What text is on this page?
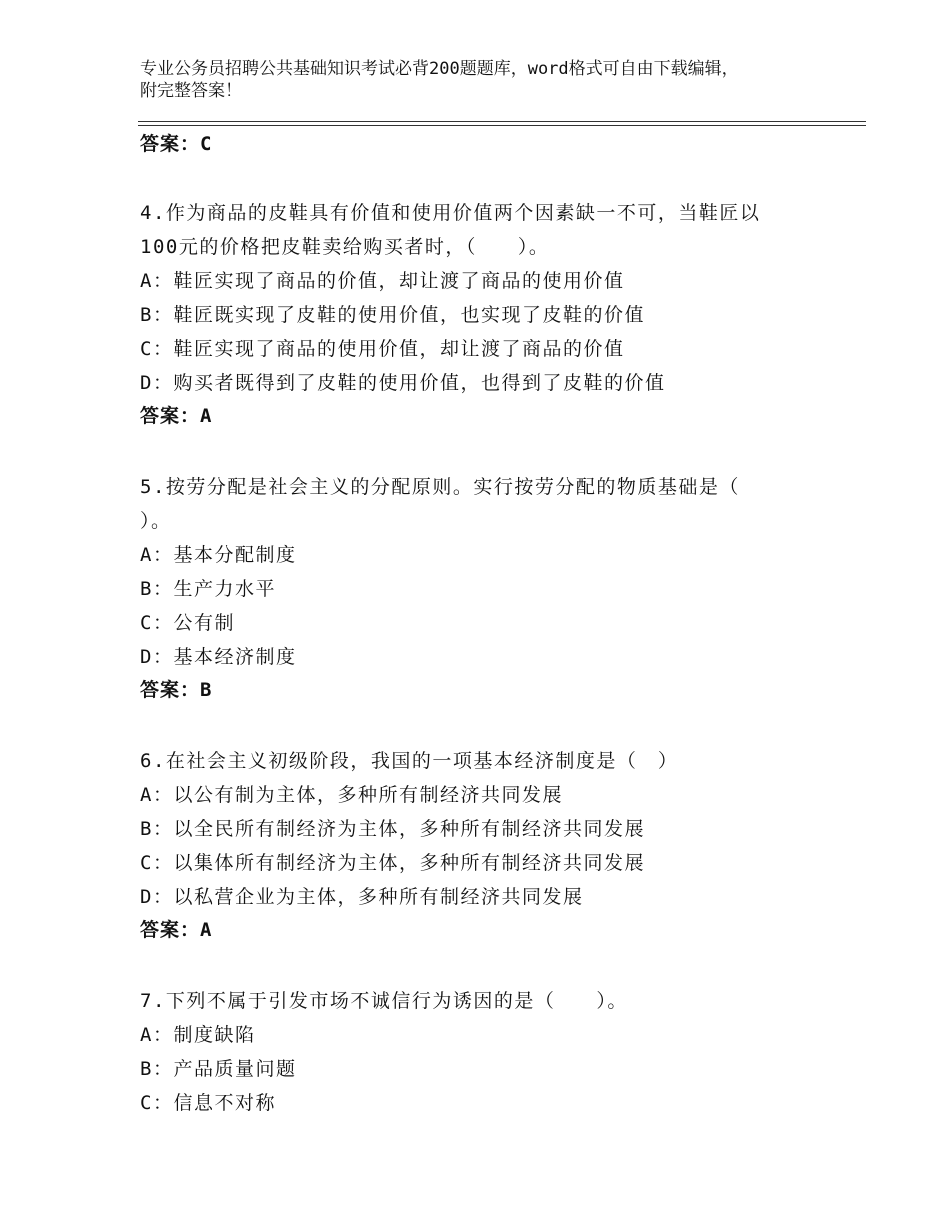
专业公务员招聘公共基础知识考试必背200题题库，word格式可自由下载编辑，
附完整答案！
答案：C
4.作为商品的皮鞋具有价值和使用价值两个因素缺一不可，当鞋匠以
100元的价格把皮鞋卖给购买者时，（　　）。
A：鞋匠实现了商品的价值，却让渡了商品的使用价值
B：鞋匠既实现了皮鞋的使用价值，也实现了皮鞋的价值
C：鞋匠实现了商品的使用价值，却让渡了商品的价值
D：购买者既得到了皮鞋的使用价值，也得到了皮鞋的价值
答案：A
5.按劳分配是社会主义的分配原则。实行按劳分配的物质基础是（
）。
A：基本分配制度
B：生产力水平
C：公有制
D：基本经济制度
答案：B
6.在社会主义初级阶段，我国的一项基本经济制度是（　）
A：以公有制为主体，多种所有制经济共同发展
B：以全民所有制经济为主体，多种所有制经济共同发展
C：以集体所有制经济为主体，多种所有制经济共同发展
D：以私营企业为主体，多种所有制经济共同发展
答案：A
7.下列不属于引发市场不诚信行为诱因的是（　　）。
A：制度缺陷
B：产品质量问题
C：信息不对称
